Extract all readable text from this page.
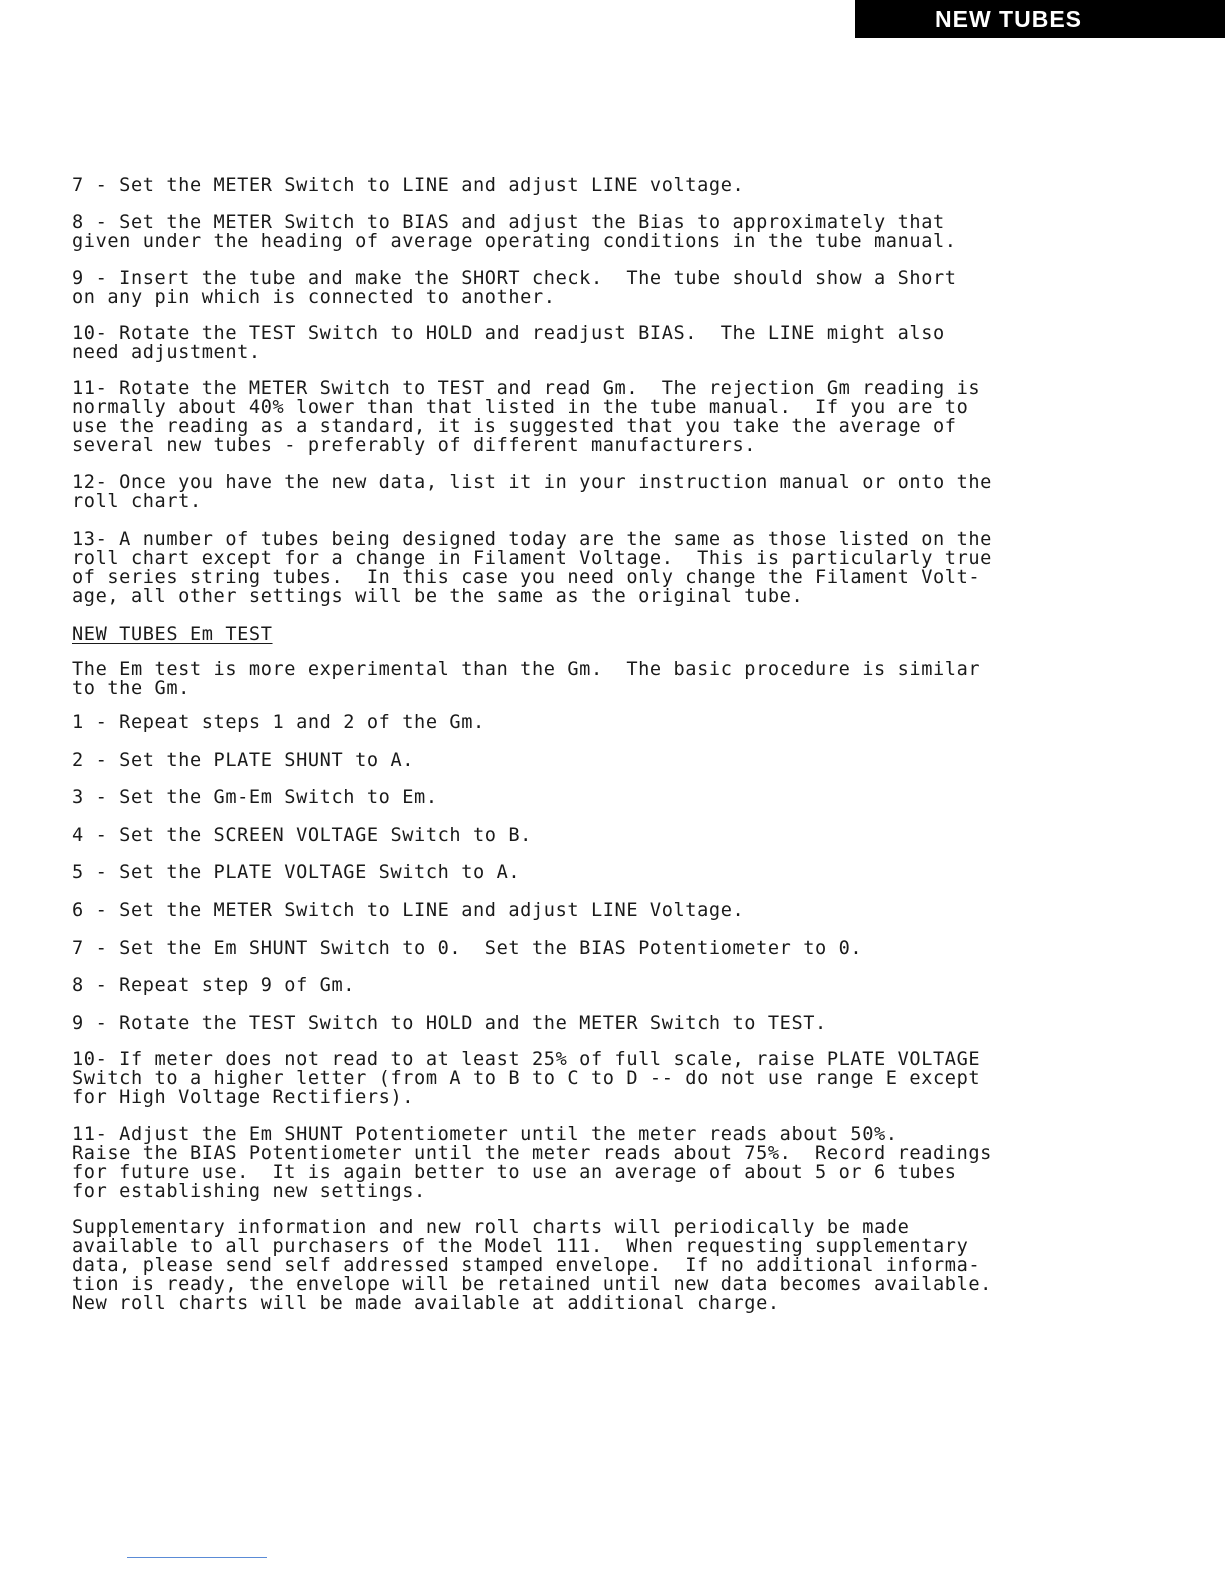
NEW TUBES

7 - Set the METER Switch to LINE and adjust LINE voltage.

8 - Set the METER Switch to BIAS and adjust the Bias to approximately that
given under the heading of average operating conditions in the tube manual.

9 - Insert the tube and make the SHORT check.  The tube should show a Short
on any pin which is connected to another.

10- Rotate the TEST Switch to HOLD and readjust BIAS.  The LINE might also
need adjustment.

11- Rotate the METER Switch to TEST and read Gm.  The rejection Gm reading is
normally about 40% lower than that listed in the tube manual.  If you are to
use the reading as a standard, it is suggested that you take the average of
several new tubes - preferably of different manufacturers.

12- Once you have the new data, list it in your instruction manual or onto the
roll chart.

13- A number of tubes being designed today are the same as those listed on the
roll chart except for a change in Filament Voltage.  This is particularly true
of series string tubes.  In this case you need only change the Filament Volt-
age, all other settings will be the same as the original tube.

NEW TUBES Em TEST

The Em test is more experimental than the Gm.  The basic procedure is similar
to the Gm.

1 - Repeat steps 1 and 2 of the Gm.

2 - Set the PLATE SHUNT to A.

3 - Set the Gm-Em Switch to Em.

4 - Set the SCREEN VOLTAGE Switch to B.

5 - Set the PLATE VOLTAGE Switch to A.

6 - Set the METER Switch to LINE and adjust LINE Voltage.

7 - Set the Em SHUNT Switch to 0.  Set the BIAS Potentiometer to 0.

8 - Repeat step 9 of Gm.

9 - Rotate the TEST Switch to HOLD and the METER Switch to TEST.

10- If meter does not read to at least 25% of full scale, raise PLATE VOLTAGE
Switch to a higher letter (from A to B to C to D -- do not use range E except
for High Voltage Rectifiers).

11- Adjust the Em SHUNT Potentiometer until the meter reads about 50%.
Raise the BIAS Potentiometer until the meter reads about 75%.  Record readings
for future use.  It is again better to use an average of about 5 or 6 tubes
for establishing new settings.

Supplementary information and new roll charts will periodically be made
available to all purchasers of the Model 111.  When requesting supplementary
data, please send self addressed stamped envelope.  If no additional informa-
tion is ready, the envelope will be retained until new data becomes available.
New roll charts will be made available at additional charge.
